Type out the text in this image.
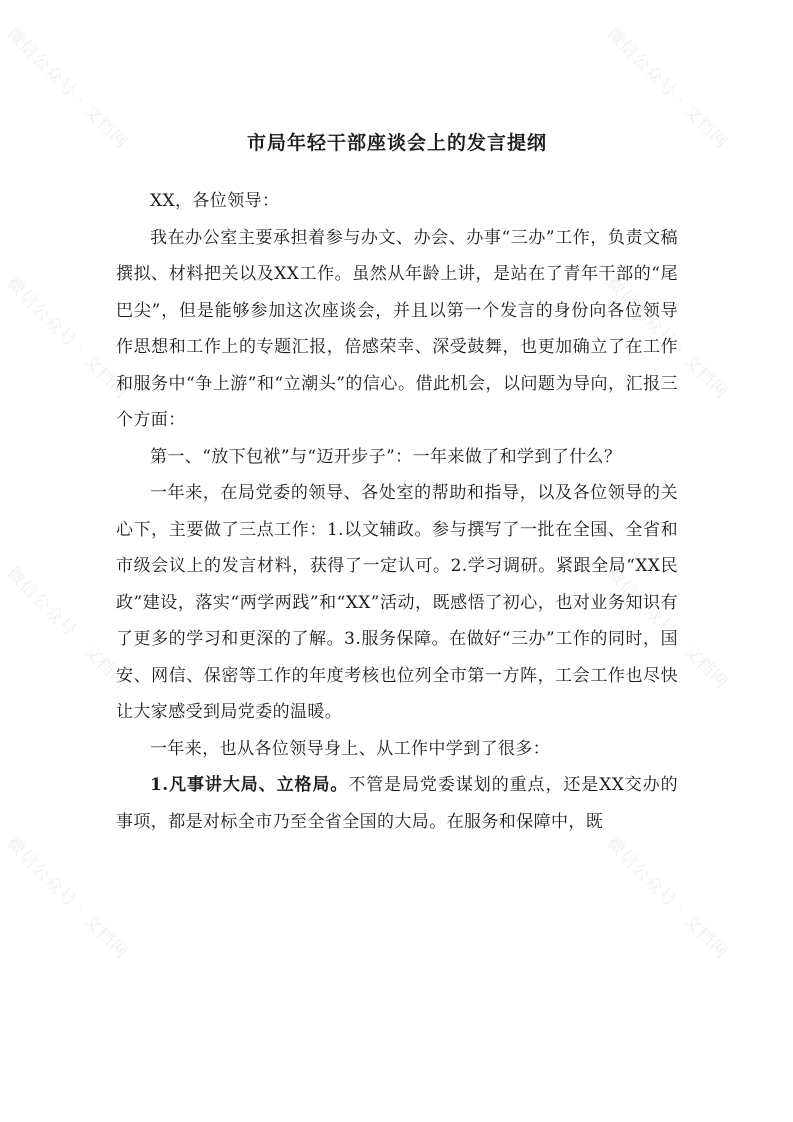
微信公众号 · 文档网	微信公众号 · 文档网
微信公众号 · 文档网	微信公众号 · 文档网
微信公众号 · 文档网	微信公众号 · 文档网
微信公众号 · 文档网	微信公众号 · 文档网
市局年轻干部座谈会上的发言提纲

XX，各位领导：

我在办公室主要承担着参与办文、办会、办事“三办”工作，负责文稿撰拟、材料把关以及XX工作。虽然从年龄上讲，是站在了青年干部的“尾巴尖”，但是能够参加这次座谈会，并且以第一个发言的身份向各位领导作思想和工作上的专题汇报，倍感荣幸、深受鼓舞，也更加确立了在工作和服务中“争上游”和“立潮头”的信心。借此机会，以问题为导向，汇报三个方面：

第一、“放下包袱”与“迈开步子”：一年来做了和学到了什么？

一年来，在局党委的领导、各处室的帮助和指导，以及各位领导的关心下，主要做了三点工作：1.以文辅政。参与撰写了一批在全国、全省和市级会议上的发言材料，获得了一定认可。2.学习调研。紧跟全局“XX民政”建设，落实“两学两践”和“XX”活动，既感悟了初心，也对业务知识有了更多的学习和更深的了解。3.服务保障。在做好“三办”工作的同时，国安、网信、保密等工作的年度考核也位列全市第一方阵，工会工作也尽快让大家感受到局党委的温暖。

一年来，也从各位领导身上、从工作中学到了很多：

1.凡事讲大局、立格局。不管是局党委谋划的重点，还是XX交办的事项，都是对标全市乃至全省全国的大局。在服务和保障中，既
